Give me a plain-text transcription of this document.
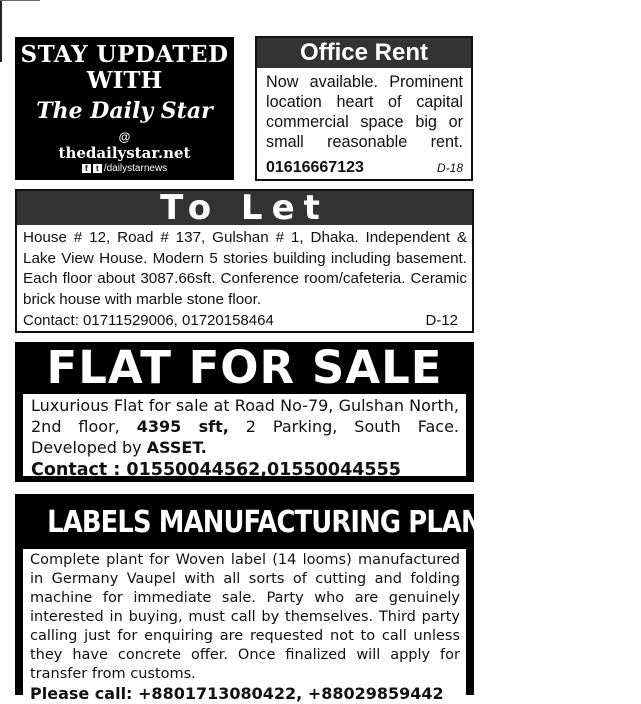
STAY UPDATED
WITH
The Daily Star
@
thedailystar.net
f	t /dailystarnews
Office Rent
Now available. Prominent location heart of capital commercial space big or small reasonable rent.
01616667123	D-18
To Let
House # 12, Road # 137, Gulshan # 1, Dhaka. Independent & Lake View House. Modern 5 stories building including basement. Each floor about 3087.66sft. Conference room/cafeteria. Ceramic brick house with marble stone floor.
Contact: 01711529006, 01720158464	D-12
FLAT FOR SALE
Luxurious Flat for sale at Road No-79, Gulshan North, 2nd floor, 4395 sft, 2 Parking, South Face. Developed by ASSET.
Contact : 01550044562,01550044555
LABELS MANUFACTURING PLANT FOR SALE
Complete plant for Woven label (14 looms) manufactured in Germany Vaupel with all sorts of cutting and folding machine for immediate sale. Party who are genuinely interested in buying, must call by themselves. Third party calling just for enquiring are requested not to call unless they have concrete offer. Once finalized will apply for transfer from customs.
Please call: +8801713080422, +88029859442
